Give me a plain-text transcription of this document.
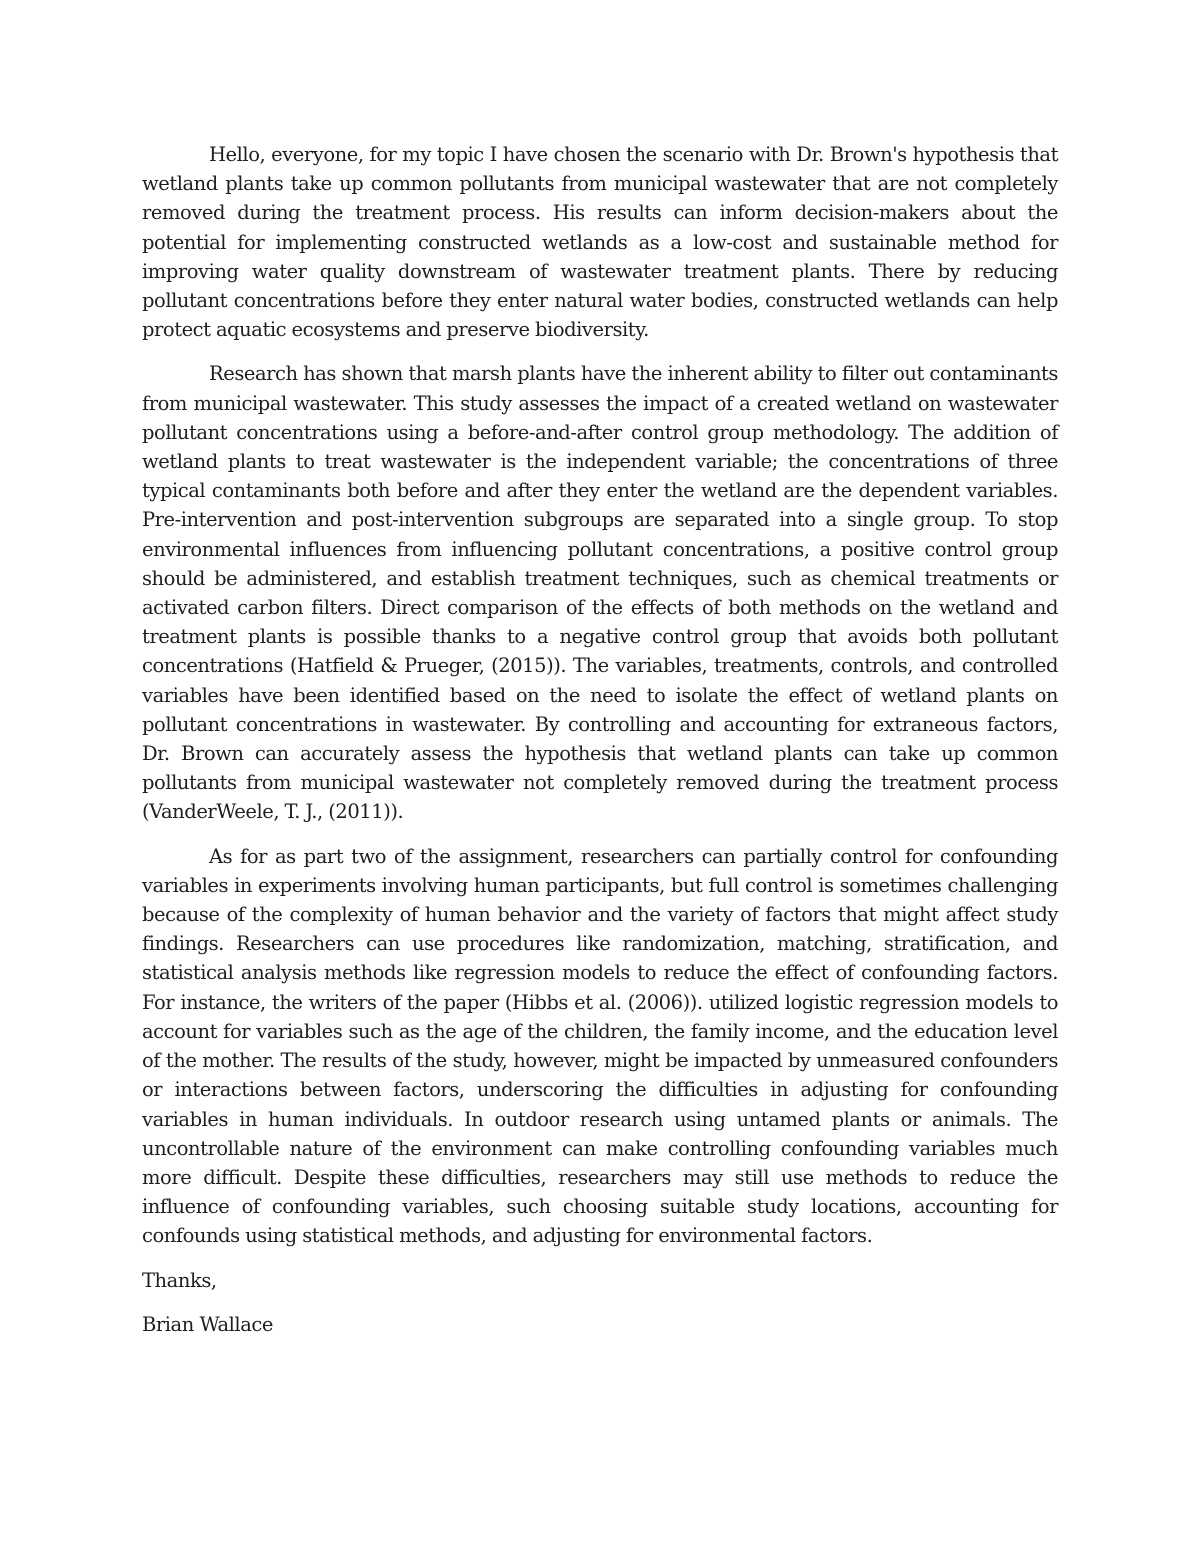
Hello, everyone, for my topic I have chosen the scenario with Dr. Brown's hypothesis that wetland plants take up common pollutants from municipal wastewater that are not completely removed during the treatment process. His results can inform decision-makers about the potential for implementing constructed wetlands as a low-cost and sustainable method for improving water quality downstream of wastewater treatment plants. There by reducing pollutant concentrations before they enter natural water bodies, constructed wetlands can help protect aquatic ecosystems and preserve biodiversity.

Research has shown that marsh plants have the inherent ability to filter out contaminants from municipal wastewater. This study assesses the impact of a created wetland on wastewater pollutant concentrations using a before-and-after control group methodology. The addition of wetland plants to treat wastewater is the independent variable; the concentrations of three typical contaminants both before and after they enter the wetland are the dependent variables. Pre-intervention and post-intervention subgroups are separated into a single group. To stop environmental influences from influencing pollutant concentrations, a positive control group should be administered, and establish treatment techniques, such as chemical treatments or activated carbon filters. Direct comparison of the effects of both methods on the wetland and treatment plants is possible thanks to a negative control group that avoids both pollutant concentrations (Hatfield & Prueger, (2015)). The variables, treatments, controls, and controlled variables have been identified based on the need to isolate the effect of wetland plants on pollutant concentrations in wastewater. By controlling and accounting for extraneous factors, Dr. Brown can accurately assess the hypothesis that wetland plants can take up common pollutants from municipal wastewater not completely removed during the treatment process (VanderWeele, T. J., (2011)).

As for as part two of the assignment, researchers can partially control for confounding variables in experiments involving human participants, but full control is sometimes challenging because of the complexity of human behavior and the variety of factors that might affect study findings. Researchers can use procedures like randomization, matching, stratification, and statistical analysis methods like regression models to reduce the effect of confounding factors. For instance, the writers of the paper (Hibbs et al. (2006)). utilized logistic regression models to account for variables such as the age of the children, the family income, and the education level of the mother. The results of the study, however, might be impacted by unmeasured confounders or interactions between factors, underscoring the difficulties in adjusting for confounding variables in human individuals. In outdoor research using untamed plants or animals. The uncontrollable nature of the environment can make controlling confounding variables much more difficult. Despite these difficulties, researchers may still use methods to reduce the influence of confounding variables, such choosing suitable study locations, accounting for confounds using statistical methods, and adjusting for environmental factors.

Thanks,

Brian Wallace
